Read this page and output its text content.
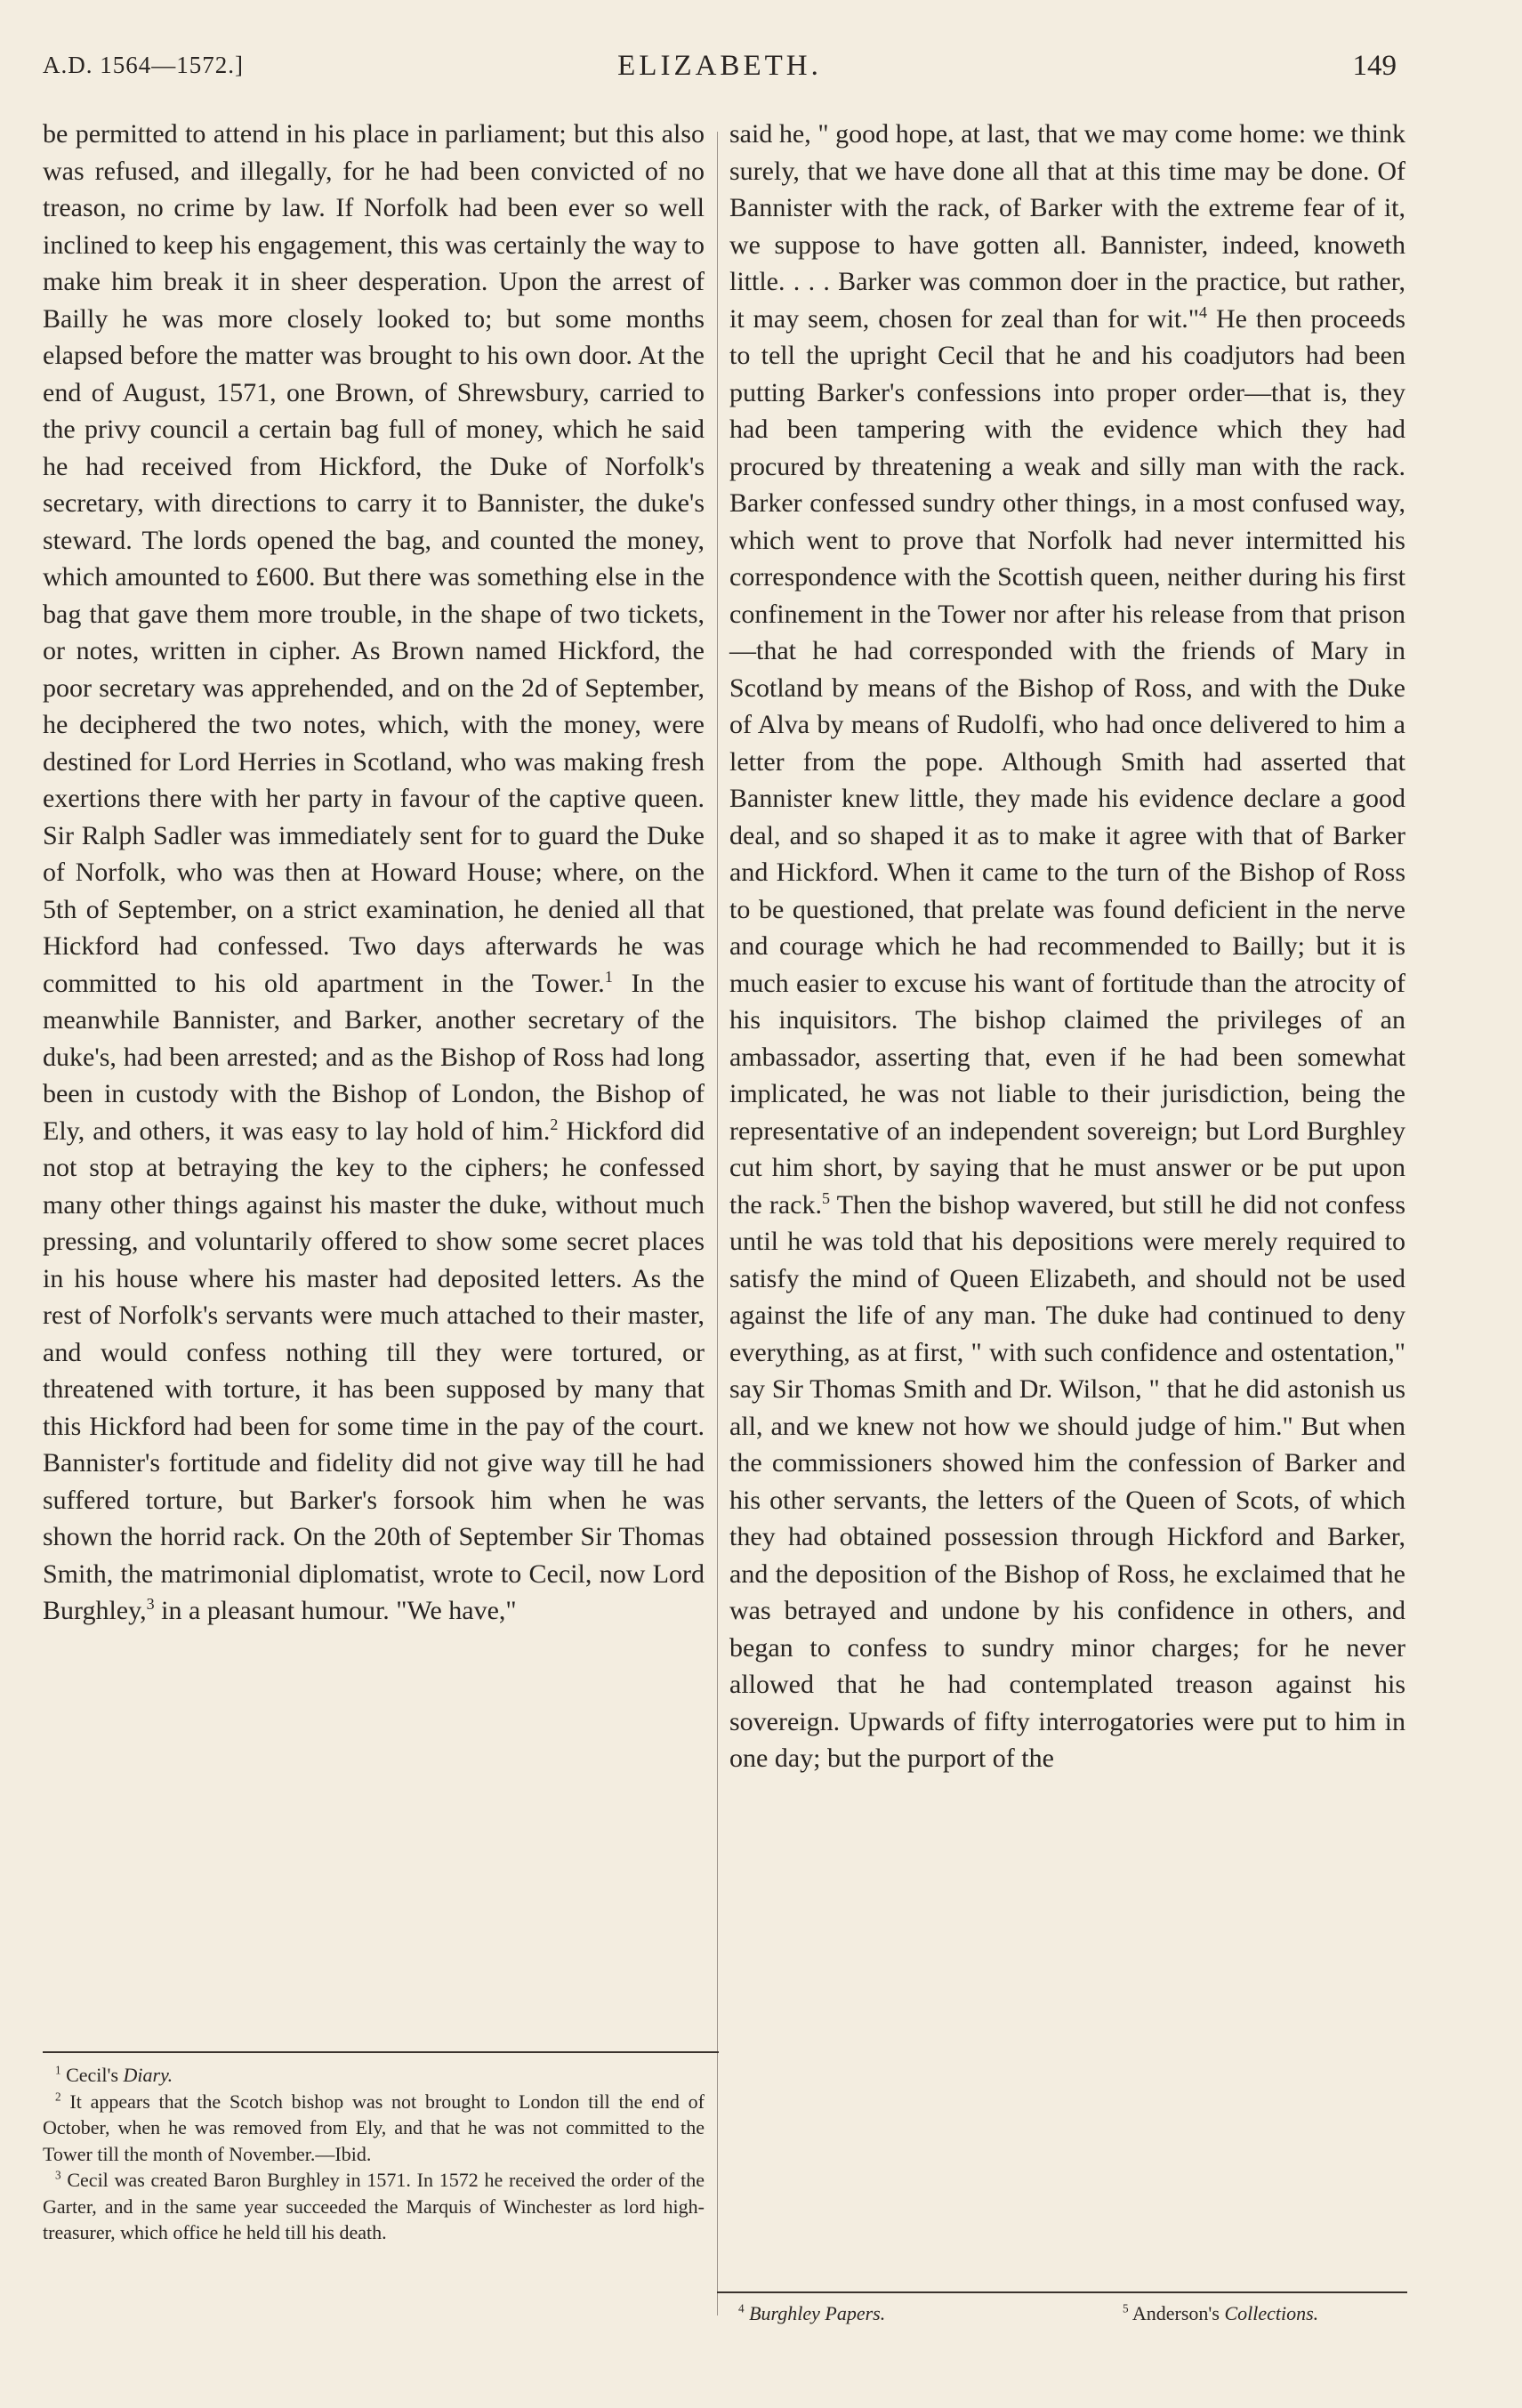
A.D. 1564—1572.]	ELIZABETH.	149

be permitted to attend in his place in parliament; but this also was refused, and illegally, for he had been convicted of no treason, no crime by law. If Norfolk had been ever so well inclined to keep his engagement, this was certainly the way to make him break it in sheer desperation. Upon the arrest of Bailly he was more closely looked to; but some months elapsed before the matter was brought to his own door. At the end of August, 1571, one Brown, of Shrewsbury, carried to the privy council a certain bag full of money, which he said he had received from Hickford, the Duke of Norfolk's secretary, with directions to carry it to Bannister, the duke's steward. The lords opened the bag, and counted the money, which amounted to £600. But there was something else in the bag that gave them more trouble, in the shape of two tickets, or notes, written in cipher. As Brown named Hickford, the poor secretary was apprehended, and on the 2d of September, he deciphered the two notes, which, with the money, were destined for Lord Herries in Scotland, who was making fresh exertions there with her party in favour of the captive queen. Sir Ralph Sadler was immediately sent for to guard the Duke of Norfolk, who was then at Howard House; where, on the 5th of September, on a strict examination, he denied all that Hickford had confessed. Two days afterwards he was committed to his old apartment in the Tower.$^1$ In the meanwhile Bannister, and Barker, another secretary of the duke's, had been arrested; and as the Bishop of Ross had long been in custody with the Bishop of London, the Bishop of Ely, and others, it was easy to lay hold of him.$^2$ Hickford did not stop at betraying the key to the ciphers; he confessed many other things against his master the duke, without much pressing, and voluntarily offered to show some secret places in his house where his master had deposited letters. As the rest of Norfolk's servants were much attached to their master, and would confess nothing till they were tortured, or threatened with torture, it has been supposed by many that this Hickford had been for some time in the pay of the court. Bannister's fortitude and fidelity did not give way till he had suffered torture, but Barker's forsook him when he was shown the horrid rack. On the 20th of September Sir Thomas Smith, the matrimonial diplomatist, wrote to Cecil, now Lord Burghley,$^3$ in a pleasant humour. "We have,"

said he, " good hope, at last, that we may come home: we think surely, that we have done all that at this time may be done. Of Bannister with the rack, of Barker with the extreme fear of it, we suppose to have gotten all. Bannister, indeed, knoweth little. . . . Barker was common doer in the practice, but rather, it may seem, chosen for zeal than for wit."$^4$ He then proceeds to tell the upright Cecil that he and his coadjutors had been putting Barker's confessions into proper order—that is, they had been tampering with the evidence which they had procured by threatening a weak and silly man with the rack. Barker confessed sundry other things, in a most confused way, which went to prove that Norfolk had never intermitted his correspondence with the Scottish queen, neither during his first confinement in the Tower nor after his release from that prison—that he had corresponded with the friends of Mary in Scotland by means of the Bishop of Ross, and with the Duke of Alva by means of Rudolfi, who had once delivered to him a letter from the pope. Although Smith had asserted that Bannister knew little, they made his evidence declare a good deal, and so shaped it as to make it agree with that of Barker and Hickford. When it came to the turn of the Bishop of Ross to be questioned, that prelate was found deficient in the nerve and courage which he had recommended to Bailly; but it is much easier to excuse his want of fortitude than the atrocity of his inquisitors. The bishop claimed the privileges of an ambassador, asserting that, even if he had been somewhat implicated, he was not liable to their jurisdiction, being the representative of an independent sovereign; but Lord Burghley cut him short, by saying that he must answer or be put upon the rack.$^5$ Then the bishop wavered, but still he did not confess until he was told that his depositions were merely required to satisfy the mind of Queen Elizabeth, and should not be used against the life of any man. The duke had continued to deny everything, as at first, " with such confidence and ostentation," say Sir Thomas Smith and Dr. Wilson, " that he did astonish us all, and we knew not how we should judge of him." But when the commissioners showed him the confession of Barker and his other servants, the letters of the Queen of Scots, of which they had obtained possession through Hickford and Barker, and the deposition of the Bishop of Ross, he exclaimed that he was betrayed and undone by his confidence in others, and began to confess to sundry minor charges; for he never allowed that he had contemplated treason against his sovereign. Upwards of fifty interrogatories were put to him in one day; but the purport of the

$^1$ Cecil's Diary.

$^2$ It appears that the Scotch bishop was not brought to London till the end of October, when he was removed from Ely, and that he was not committed to the Tower till the month of November.—Ibid.

$^3$ Cecil was created Baron Burghley in 1571. In 1572 he received the order of the Garter, and in the same year succeeded the Marquis of Winchester as lord high-treasurer, which office he held till his death.

$^4$ Burghley Papers.	$^5$ Anderson's Collections.
